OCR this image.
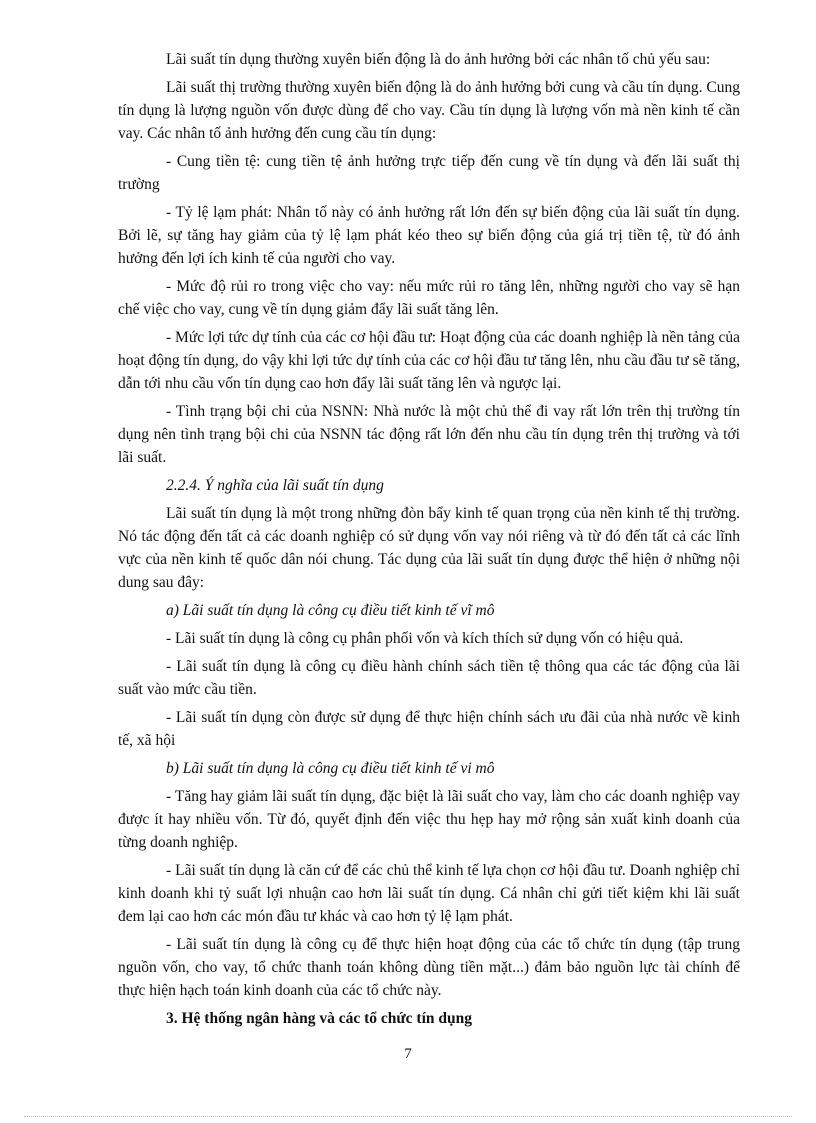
Lãi suất tín dụng thường xuyên biến động là do ảnh hưởng bởi các nhân tố chủ yếu sau:

Lãi suất thị trường thường xuyên biến động là do ảnh hưởng bởi cung và cầu tín dụng. Cung tín dụng là lượng nguồn vốn được dùng để cho vay. Cầu tín dụng là lượng vốn mà nền kinh tế cần vay. Các nhân tố ảnh hưởng đến cung cầu tín dụng:

- Cung tiền tệ: cung tiền tệ ảnh hưởng trực tiếp đến cung về tín dụng và đến lãi suất thị trường

- Tỷ lệ lạm phát: Nhân tố này có ảnh hưởng rất lớn đến sự biến động của lãi suất tín dụng. Bởi lẽ, sự tăng hay giảm của tỷ lệ lạm phát kéo theo sự biến động của giá trị tiền tệ, từ đó ảnh hưởng đến lợi ích kinh tế của người cho vay.

- Mức độ rủi ro trong việc cho vay: nếu mức rủi ro tăng lên, những người cho vay sẽ hạn chế việc cho vay, cung về tín dụng giảm đẩy lãi suất tăng lên.

- Mức lợi tức dự tính của các cơ hội đầu tư: Hoạt động của các doanh nghiệp là nền tảng của hoạt động tín dụng, do vậy khi lợi tức dự tính của các cơ hội đầu tư tăng lên, nhu cầu đầu tư sẽ tăng, dẫn tới nhu cầu vốn tín dụng cao hơn đẩy lãi suất tăng lên và ngược lại.

- Tình trạng bội chi của NSNN: Nhà nước là một chủ thể đi vay rất lớn trên thị trường tín dụng nên tình trạng bội chi của NSNN tác động rất lớn đến nhu cầu tín dụng trên thị trường và tới lãi suất.

2.2.4. Ý nghĩa của lãi suất tín dụng

Lãi suất tín dụng là một trong những đòn bẩy kinh tế quan trọng của nền kinh tế thị trường. Nó tác động đến tất cả các doanh nghiệp có sử dụng vốn vay nói riêng và từ đó đến tất cả các lĩnh vực của nền kinh tế quốc dân nói chung. Tác dụng của lãi suất tín dụng được thể hiện ở những nội dung sau đây:

a) Lãi suất tín dụng là công cụ điều tiết kinh tế vĩ mô

- Lãi suất tín dụng là công cụ phân phối vốn và kích thích sử dụng vốn có hiệu quả.

- Lãi suất tín dụng là công cụ điều hành chính sách tiền tệ thông qua các tác động của lãi suất vào mức cầu tiền.

- Lãi suất tín dụng còn được sử dụng để thực hiện chính sách ưu đãi của nhà nước về kinh tế, xã hội

b) Lãi suất tín dụng là công cụ điều tiết kinh tế vi mô

- Tăng hay giảm lãi suất tín dụng, đặc biệt là lãi suất cho vay, làm cho các doanh nghiệp vay được ít hay nhiều vốn. Từ đó, quyết định đến việc thu hẹp hay mở rộng sản xuất kinh doanh của từng doanh nghiệp.

- Lãi suất tín dụng là căn cứ để các chủ thể kinh tế lựa chọn cơ hội đầu tư. Doanh nghiệp chỉ kinh doanh khi tỷ suất lợi nhuận cao hơn lãi suất tín dụng. Cá nhân chỉ gửi tiết kiệm khi lãi suất đem lại cao hơn các món đầu tư khác và cao hơn tỷ lệ lạm phát.

- Lãi suất tín dụng là công cụ để thực hiện hoạt động của các tổ chức tín dụng (tập trung nguồn vốn, cho vay, tổ chức thanh toán không dùng tiền mặt...) đảm bảo nguồn lực tài chính để thực hiện hạch toán kinh doanh của các tổ chức này.

3. Hệ thống ngân hàng và các tổ chức tín dụng

7
